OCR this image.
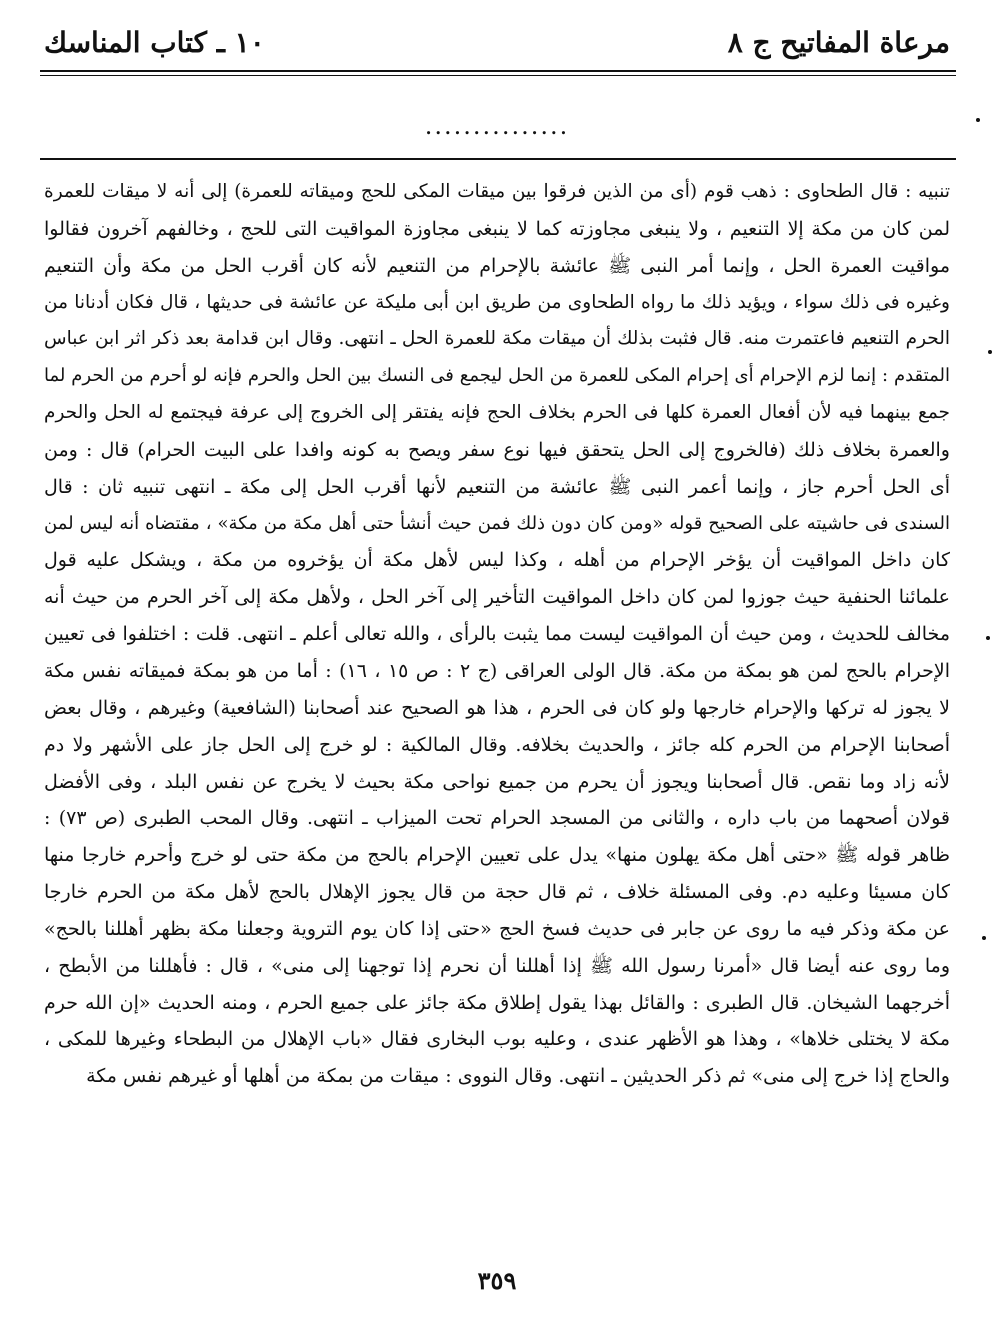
مرعاة المفاتيح ج ٨
١٠ ـ كتاب المناسك
...............
تنبيه : قال الطحاوى : ذهب قوم (أى من الذين فرقوا بين ميقات المكى للحج وميقاته للعمرة) إلى أنه لا ميقات للعمرة
لمن كان من مكة إلا التنعيم ، ولا ينبغى مجاوزته كما لا ينبغى مجاوزة المواقيت التى للحج ، وخالفهم آخرون فقالوا
مواقيت العمرة الحل ، وإنما أمر النبى ﷺ عائشة بالإحرام من التنعيم لأنه كان أقرب الحل من مكة وأن التنعيم
وغيره فى ذلك سواء ، ويؤيد ذلك ما رواه الطحاوى من طريق ابن أبى مليكة عن عائشة فى حديثها ، قال فكان أدنانا من
الحرم التنعيم فاعتمرت منه. قال فثبت بذلك أن ميقات مكة للعمرة الحل ـ انتهى. وقال ابن قدامة بعد ذكر اثر ابن عباس
المتقدم : إنما لزم الإحرام أى إحرام المكى للعمرة من الحل ليجمع فى النسك بين الحل والحرم فإنه لو أحرم من الحرم لما
جمع بينهما فيه لأن أفعال العمرة كلها فى الحرم بخلاف الحج فإنه يفتقر إلى الخروج إلى عرفة فيجتمع له الحل والحرم
والعمرة بخلاف ذلك (فالخروج إلى الحل يتحقق فيها نوع سفر ويصح به كونه وافدا على البيت الحرام) قال : ومن
أى الحل أحرم جاز ، وإنما أعمر النبى ﷺ عائشة من التنعيم لأنها أقرب الحل إلى مكة ـ انتهى تنبيه ثان : قال
السندى فى حاشيته على الصحيح قوله «ومن كان دون ذلك فمن حيث أنشأ حتى أهل مكة من مكة» ، مقتضاه أنه ليس لمن
كان داخل المواقيت أن يؤخر الإحرام من أهله ، وكذا ليس لأهل مكة أن يؤخروه من مكة ، ويشكل عليه قول
علمائنا الحنفية حيث جوزوا لمن كان داخل المواقيت التأخير إلى آخر الحل ، ولأهل مكة إلى آخر الحرم من حيث أنه
مخالف للحديث ، ومن حيث أن المواقيت ليست مما يثبت بالرأى ، والله تعالى أعلم ـ انتهى. قلت : اختلفوا فى تعيين
الإحرام بالحج لمن هو بمكة من مكة. قال الولى العراقى (ج ٢ : ص ١٥ ، ١٦) : أما من هو بمكة فميقاته نفس مكة
لا يجوز له تركها والإحرام خارجها ولو كان فى الحرم ، هذا هو الصحيح عند أصحابنا (الشافعية) وغيرهم ، وقال بعض
أصحابنا الإحرام من الحرم كله جائز ، والحديث بخلافه. وقال المالكية : لو خرج إلى الحل جاز على الأشهر ولا دم
لأنه زاد وما نقص. قال أصحابنا ويجوز أن يحرم من جميع نواحى مكة بحيث لا يخرج عن نفس البلد ، وفى الأفضل
قولان أصحهما من باب داره ، والثانى من المسجد الحرام تحت الميزاب ـ انتهى. وقال المحب الطبرى (ص ٧٣) :
ظاهر قوله ﷺ «حتى أهل مكة يهلون منها» يدل على تعيين الإحرام بالحج من مكة حتى لو خرج وأحرم خارجا منها
كان مسيئا وعليه دم. وفى المسئلة خلاف ، ثم قال حجة من قال يجوز الإهلال بالحج لأهل مكة من الحرم خارجا
عن مكة وذكر فيه ما روى عن جابر فى حديث فسخ الحج «حتى إذا كان يوم التروية وجعلنا مكة بظهر أهللنا بالحج»
وما روى عنه أيضا قال «أمرنا رسول الله ﷺ إذا أهللنا أن نحرم إذا توجهنا إلى منى» ، قال : فأهللنا من الأبطح ،
أخرجهما الشيخان. قال الطبرى : والقائل بهذا يقول إطلاق مكة جائز على جميع الحرم ، ومنه الحديث «إن الله حرم
مكة لا يختلى خلاها» ، وهذا هو الأظهر عندى ، وعليه بوب البخارى فقال «باب الإهلال من البطحاء وغيرها للمكى ،
والحاج إذا خرج إلى منى» ثم ذكر الحديثين ـ انتهى. وقال النووى : ميقات من بمكة من أهلها أو غيرهم نفس مكة
٣٥٩
